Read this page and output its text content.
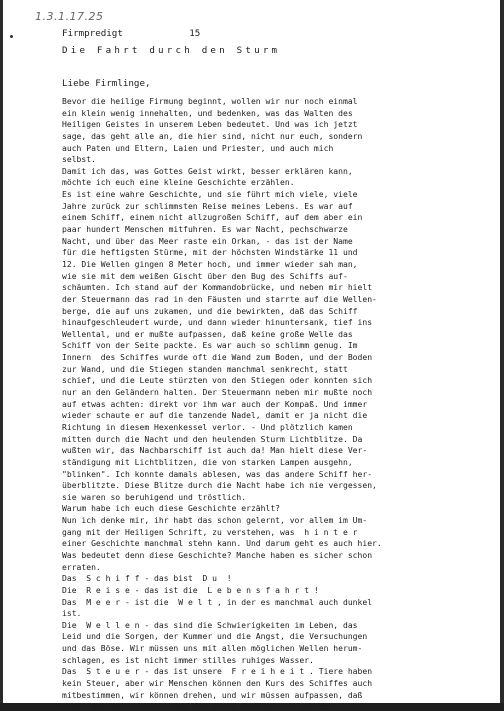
1.3.1.17.25
Firmpredigt	15
Die Fahrt durch den Sturm
Liebe Firmlinge,
Bevor die heilige Firmung beginnt, wollen wir nur noch einmal
ein klein wenig innehalten, und bedenken, was das Walten des
Heiligen Geistes in unserem Leben bedeutet. Und was ich jetzt
sage, das geht alle an, die hier sind, nicht nur euch, sondern
auch Paten und Eltern, Laien und Priester, und auch mich
selbst.
Damit ich das, was Gottes Geist wirkt, besser erklären kann,
möchte ich euch eine kleine Geschichte erzählen.
Es ist eine wahre Geschichte, und sie führt mich viele, viele
Jahre zurück zur schlimmsten Reise meines Lebens. Es war auf
einem Schiff, einem nicht allzugroßen Schiff, auf dem aber ein
paar hundert Menschen mitfuhren. Es war Nacht, pechschwarze
Nacht, und über das Meer raste ein Orkan, - das ist der Name
für die heftigsten Stürme, mit der höchsten Windstärke 11 und
12. Die Wellen gingen 8 Meter hoch, und immer wieder sah man,
wie sie mit dem weißen Gischt über den Bug des Schiffs auf-
schäumten. Ich stand auf der Kommandobrücke, und neben mir hielt
der Steuermann das rad in den Fäusten und starrte auf die Wellen-
berge, die auf uns zukamen, und die bewirkten, daß das Schiff
hinaufgeschleudert wurde, und dann wieder hinuntersank, tief ins
Wellental, und er mußte aufpassen, daß keine große Welle das
Schiff von der Seite packte. Es war auch so schlimm genug. Im
Innern  des Schiffes wurde oft die Wand zum Boden, und der Boden
zur Wand, und die Stiegen standen manchmal senkrecht, statt
schief, und die Leute stürzten von den Stiegen oder konnten sich
nur an den Geländern halten. Der Steuermann neben mir mußte noch
auf etwas achten: direkt vor ihm war auch der Kompaß. Und immer
wieder schaute er auf die tanzende Nadel, damit er ja nicht die
Richtung in diesem Hexenkessel verlor. - Und plötzlich kamen
mitten durch die Nacht und den heulenden Sturm Lichtblitze. Da
wußten wir, das Nachbarschiff ist auch da! Man hielt diese Ver-
ständigung mit Lichtblitzen, die von starken Lampen ausgehn,
"blinken". Ich konnte damals ablesen, was das andere Schiff her-
überblitzte. Diese Blitze durch die Nacht habe ich nie vergessen,
sie waren so beruhigend und tröstlich.
Warum habe ich euch diese Geschichte erzählt?
Nun ich denke mir, ihr habt das schon gelernt, vor allem im Um-
gang mit der Heiligen Schrift, zu verstehen, was  h i n t e r
einer Geschichte manchmal stehn kann. Und darum geht es auch hier.
Was bedeutet denn diese Geschichte? Manche haben es sicher schon
erraten.
Das  S c h i f f - das bist  D u  !
Die  R e i s e - das ist die  L e b e n s f a h r t !
Das  M e e r - ist die  W e l t , in der es manchmal auch dunkel
ist.
Die  W e l l e n - das sind die Schwierigkeiten im Leben, das
Leid und die Sorgen, der Kummer und die Angst, die Versuchungen
und das Böse. Wir müssen uns mit allen möglichen Wellen herum-
schlagen, es ist nicht immer stilles ruhiges Wasser.
Das  S t e u e r - das ist unsere  F r e i h e i t . Tiere haben
kein Steuer, aber wir Menschen können den Kurs des Schiffes auch
mitbestimmen, wir können drehen, und wir müssen aufpassen, daß
große Wellen uns nicht von der Seite treffen und umlegen.
